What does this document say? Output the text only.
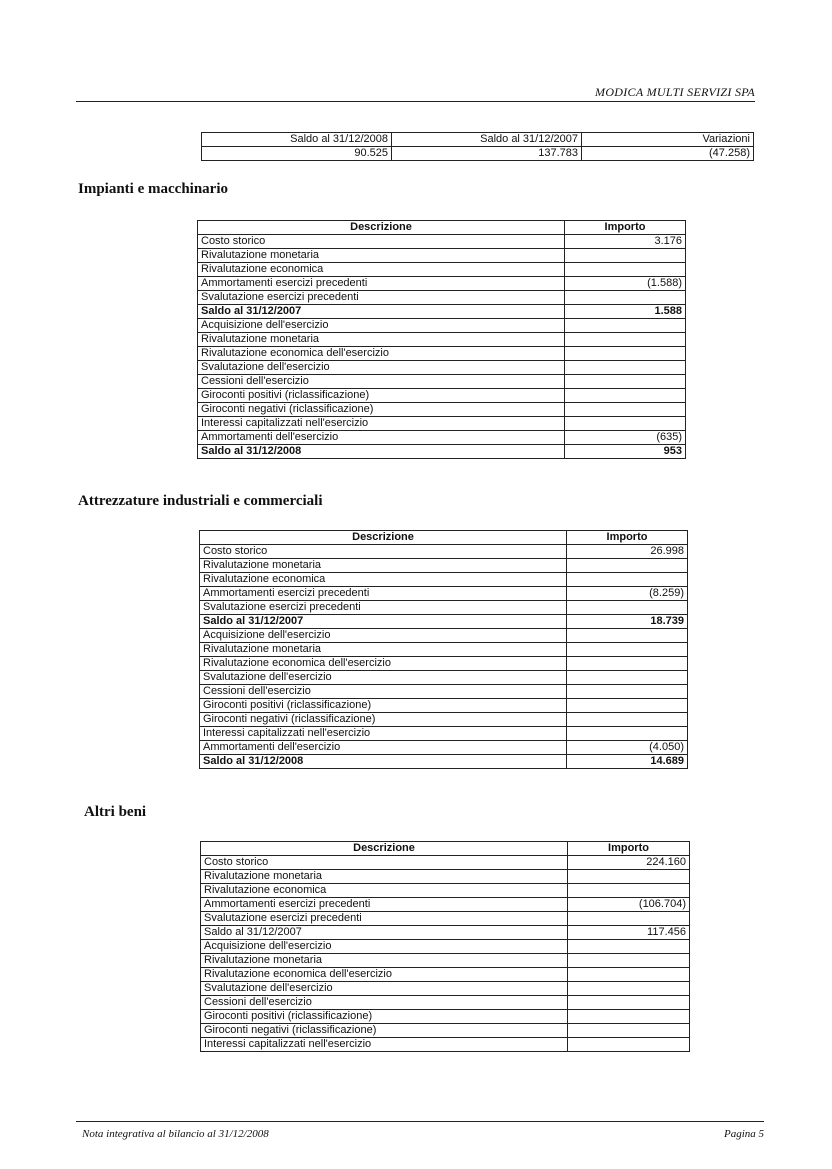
MODICA MULTI SERVIZI SPA
Saldo al 31/12/2008	Saldo al 31/12/2007	Variazioni
90.525	137.783	(47.258)
Impianti e macchinario
Descrizione	Importo
Costo storico	3.176
Rivalutazione monetaria	
Rivalutazione economica	
Ammortamenti esercizi precedenti	(1.588)
Svalutazione esercizi precedenti	
Saldo al 31/12/2007	1.588
Acquisizione dell'esercizio	
Rivalutazione monetaria	
Rivalutazione economica dell'esercizio	
Svalutazione dell'esercizio	
Cessioni dell'esercizio	
Giroconti positivi (riclassificazione)	
Giroconti negativi (riclassificazione)	
Interessi capitalizzati nell'esercizio	
Ammortamenti dell'esercizio	(635)
Saldo al 31/12/2008	953
Attrezzature industriali e commerciali
Descrizione	Importo
Costo storico	26.998
Rivalutazione monetaria	
Rivalutazione economica	
Ammortamenti esercizi precedenti	(8.259)
Svalutazione esercizi precedenti	
Saldo al 31/12/2007	18.739
Acquisizione dell'esercizio	
Rivalutazione monetaria	
Rivalutazione economica dell'esercizio	
Svalutazione dell'esercizio	
Cessioni dell'esercizio	
Giroconti positivi (riclassificazione)	
Giroconti negativi (riclassificazione)	
Interessi capitalizzati nell'esercizio	
Ammortamenti dell'esercizio	(4.050)
Saldo al 31/12/2008	14.689
Altri beni
Descrizione	Importo
Costo storico	224.160
Rivalutazione monetaria	
Rivalutazione economica	
Ammortamenti esercizi precedenti	(106.704)
Svalutazione esercizi precedenti	
Saldo al 31/12/2007	117.456
Acquisizione dell'esercizio	
Rivalutazione monetaria	
Rivalutazione economica dell'esercizio	
Svalutazione dell'esercizio	
Cessioni dell'esercizio	
Giroconti positivi (riclassificazione)	
Giroconti negativi (riclassificazione)	
Interessi capitalizzati nell'esercizio	
Nota integrativa al bilancio al 31/12/2008	Pagina 5
